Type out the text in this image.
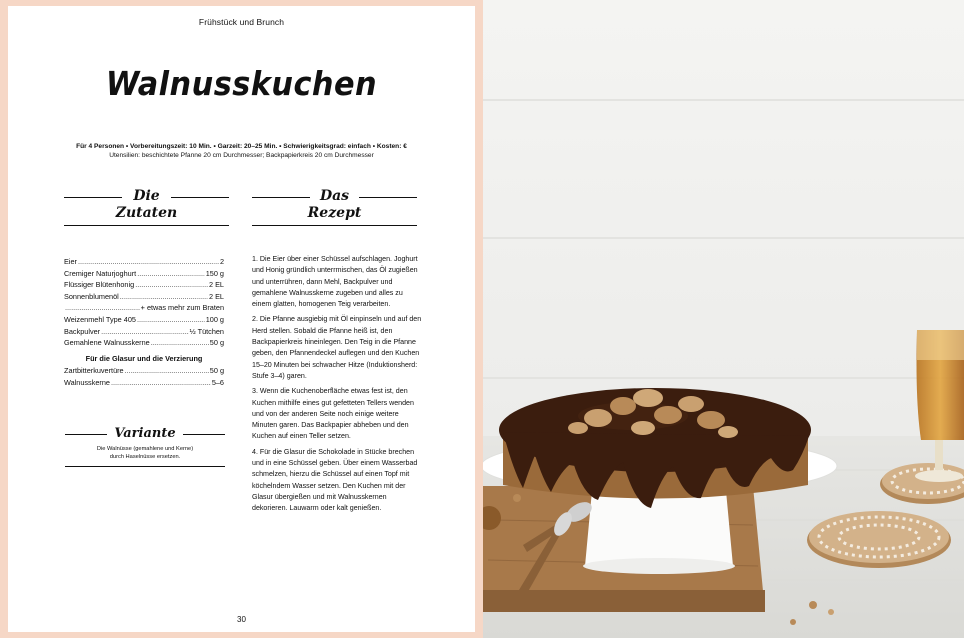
Frühstück und Brunch
Walnusskuchen
Für 4 Personen • Vorbereitungszeit: 10 Min. • Garzeit: 20–25 Min. • Schwierigkeitsgrad: einfach • Kosten: €
Utensilien: beschichtete Pfanne 20 cm Durchmesser; Backpapierkreis 20 cm Durchmesser
Die
Zutaten
Das
Rezept
Eier .....	2
Cremiger Naturjoghurt .....	150 g
Flüssiger Blütenhonig .....	2 EL
Sonnenblumenöl .....	2 EL
.....
+ etwas mehr zum Braten
Weizenmehl Type 405 .....	100 g
Backpulver .....	½ Tütchen
Gemahlene Walnusskerne .....	50 g
Für die Glasur und die Verzierung
Zartbitterkuvertüre .....	50 g
Walnusskerne .....	5–6
Variante
Die Walnüsse (gemahlene und Kerne)
durch Haselnüsse ersetzen.
1. Die Eier über einer Schüssel aufschlagen. Joghurt und Honig gründlich unterrmischen, das Öl zugießen und unterrühren, dann Mehl, Backpulver und gemahlene Walnusskerne zugeben und alles zu einem glatten, homogenen Teig verarbeiten.
2. Die Pfanne ausgiebig mit Öl einpinseln und auf den Herd stellen. Sobald die Pfanne heiß ist, den Backpapierkreis hineinlegen. Den Teig in die Pfanne geben, den Pfannendeckel auflegen und den Kuchen 15–20 Minuten bei schwacher Hitze (Induktionsherd: Stufe 3–4) garen.
3. Wenn die Kuchenoberfläche etwas fest ist, den Kuchen mithilfe eines gut gefetteten Tellers wenden und von der anderen Seite noch einige weitere Minuten garen. Das Backpapier abheben und den Kuchen auf einen Teller setzen.
4. Für die Glasur die Schokolade in Stücke brechen und in eine Schüssel geben. Über einem Wasserbad schmelzen, hierzu die Schüssel auf einen Topf mit köchelndem Wasser setzen. Den Kuchen mit der Glasur übergießen und mit Walnusskernen dekorieren. Lauwarm oder kalt genießen.
30
